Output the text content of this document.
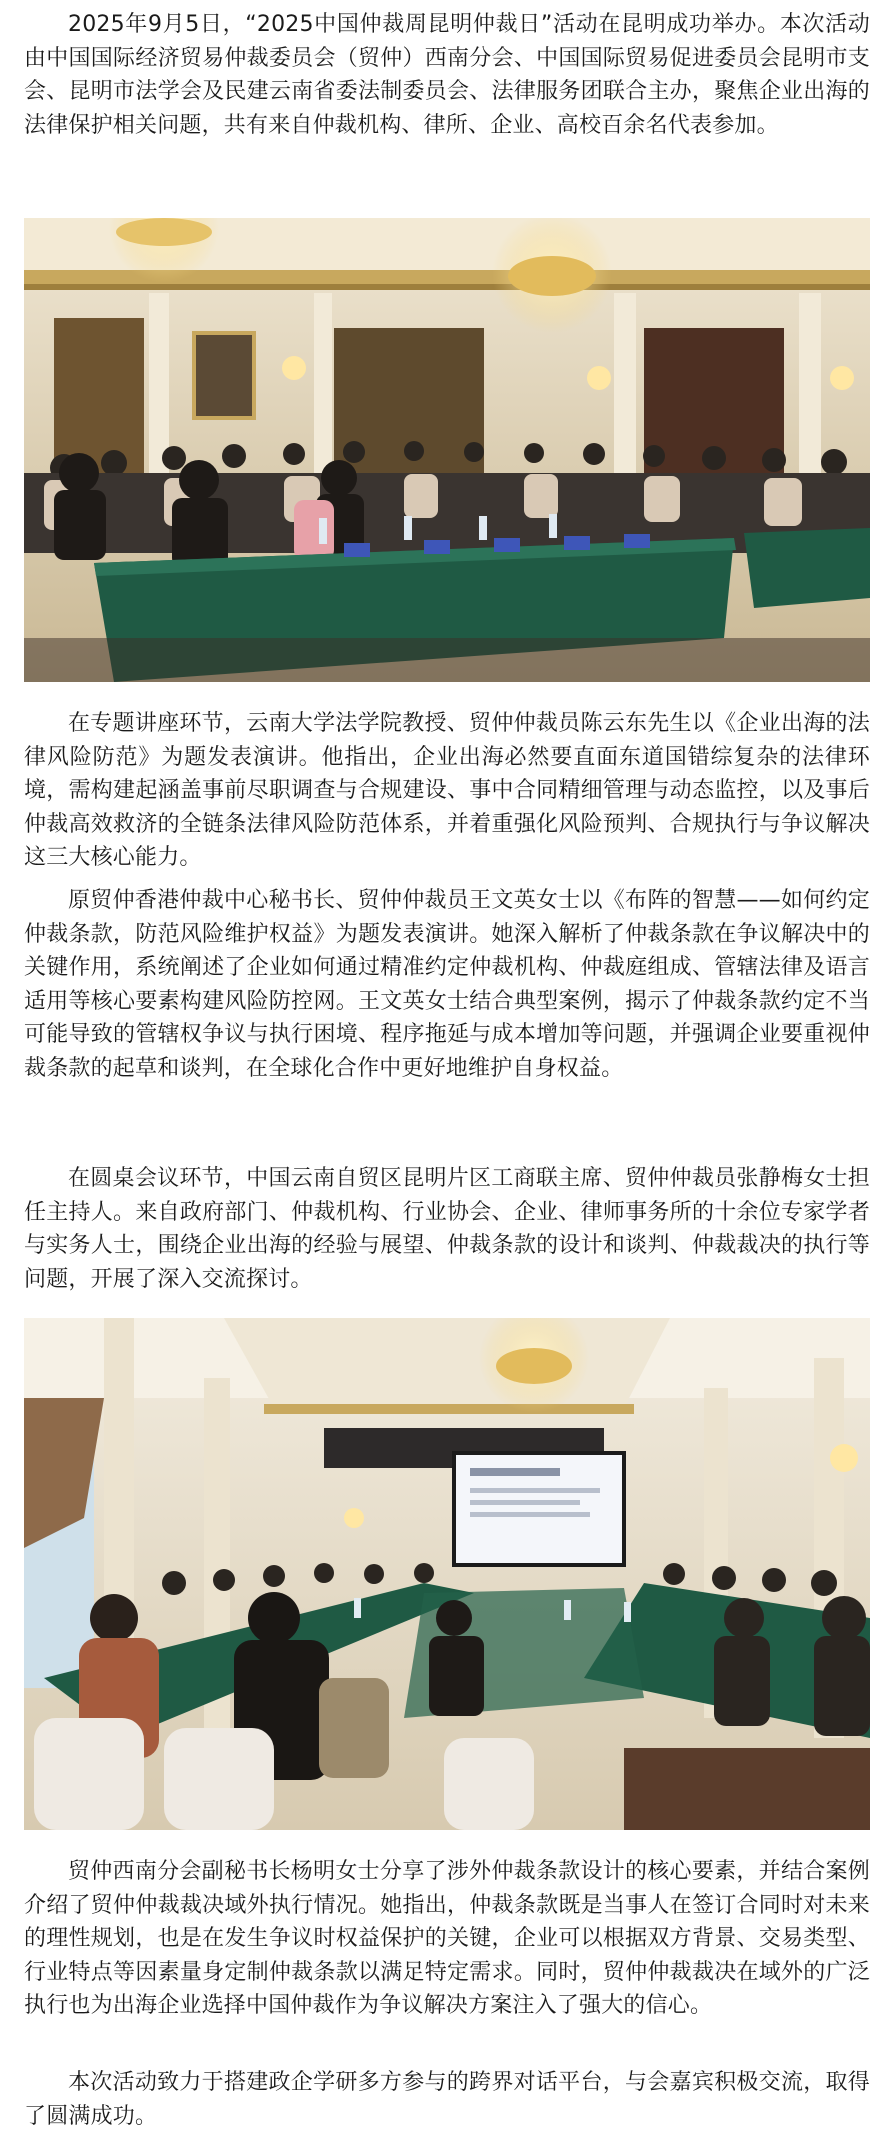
2025年9月5日，“2025中国仲裁周昆明仲裁日”活动在昆明成功举办。本次活动由中国国际经济贸易仲裁委员会（贸仲）西南分会、中国国际贸易促进委员会昆明市支会、昆明市法学会及民建云南省委法制委员会、法律服务团联合主办，聚焦企业出海的法律保护相关问题，共有来自仲裁机构、律所、企业、高校百余名代表参加。

在专题讲座环节，云南大学法学院教授、贸仲仲裁员陈云东先生以《企业出海的法律风险防范》为题发表演讲。他指出，企业出海必然要直面东道国错综复杂的法律环境，需构建起涵盖事前尽职调查与合规建设、事中合同精细管理与动态监控，以及事后仲裁高效救济的全链条法律风险防范体系，并着重强化风险预判、合规执行与争议解决这三大核心能力。

原贸仲香港仲裁中心秘书长、贸仲仲裁员王文英女士以《布阵的智慧——如何约定仲裁条款，防范风险维护权益》为题发表演讲。她深入解析了仲裁条款在争议解决中的关键作用，系统阐述了企业如何通过精准约定仲裁机构、仲裁庭组成、管辖法律及语言适用等核心要素构建风险防控网。王文英女士结合典型案例，揭示了仲裁条款约定不当可能导致的管辖权争议与执行困境、程序拖延与成本增加等问题，并强调企业要重视仲裁条款的起草和谈判，在全球化合作中更好地维护自身权益。

在圆桌会议环节，中国云南自贸区昆明片区工商联主席、贸仲仲裁员张静梅女士担任主持人。来自政府部门、仲裁机构、行业协会、企业、律师事务所的十余位专家学者与实务人士，围绕企业出海的经验与展望、仲裁条款的设计和谈判、仲裁裁决的执行等问题，开展了深入交流探讨。

贸仲西南分会副秘书长杨明女士分享了涉外仲裁条款设计的核心要素，并结合案例介绍了贸仲仲裁裁决域外执行情况。她指出，仲裁条款既是当事人在签订合同时对未来的理性规划，也是在发生争议时权益保护的关键，企业可以根据双方背景、交易类型、行业特点等因素量身定制仲裁条款以满足特定需求。同时，贸仲仲裁裁决在域外的广泛执行也为出海企业选择中国仲裁作为争议解决方案注入了强大的信心。

本次活动致力于搭建政企学研多方参与的跨界对话平台，与会嘉宾积极交流，取得了圆满成功。
